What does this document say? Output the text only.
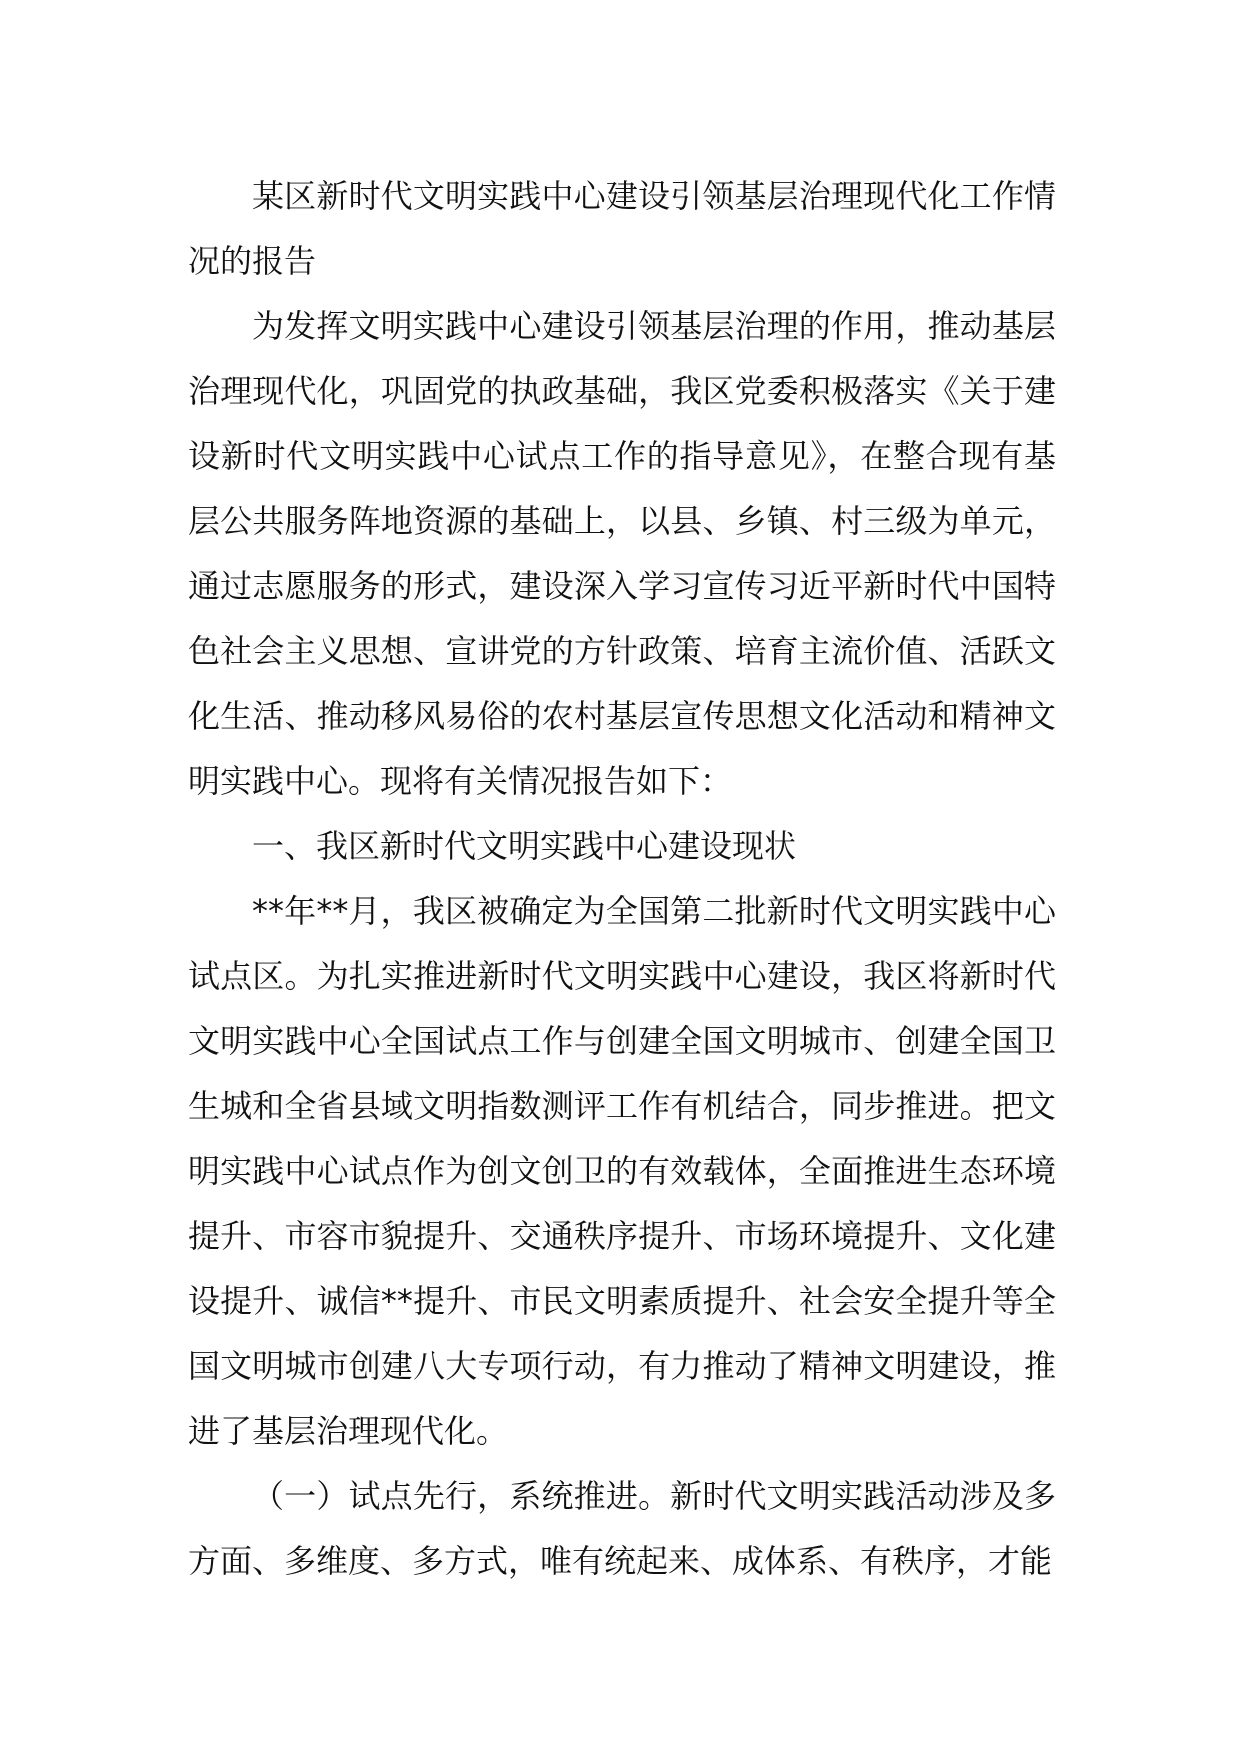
某区新时代文明实践中心建设引领基层治理现代化工作情况的报告

为发挥文明实践中心建设引领基层治理的作用，推动基层治理现代化，巩固党的执政基础，我区党委积极落实《关于建设新时代文明实践中心试点工作的指导意见》，在整合现有基层公共服务阵地资源的基础上，以县、乡镇、村三级为单元，通过志愿服务的形式，建设深入学习宣传习近平新时代中国特色社会主义思想、宣讲党的方针政策、培育主流价值、活跃文化生活、推动移风易俗的农村基层宣传思想文化活动和精神文明实践中心。现将有关情况报告如下：

一、我区新时代文明实践中心建设现状

**年**月，我区被确定为全国第二批新时代文明实践中心试点区。为扎实推进新时代文明实践中心建设，我区将新时代文明实践中心全国试点工作与创建全国文明城市、创建全国卫生城和全省县域文明指数测评工作有机结合，同步推进。把文明实践中心试点作为创文创卫的有效载体，全面推进生态环境提升、市容市貌提升、交通秩序提升、市场环境提升、文化建设提升、诚信**提升、市民文明素质提升、社会安全提升等全国文明城市创建八大专项行动，有力推动了精神文明建设，推进了基层治理现代化。

（一）试点先行，系统推进。新时代文明实践活动涉及多方面、多维度、多方式，唯有统起来、成体系、有秩序，才能
